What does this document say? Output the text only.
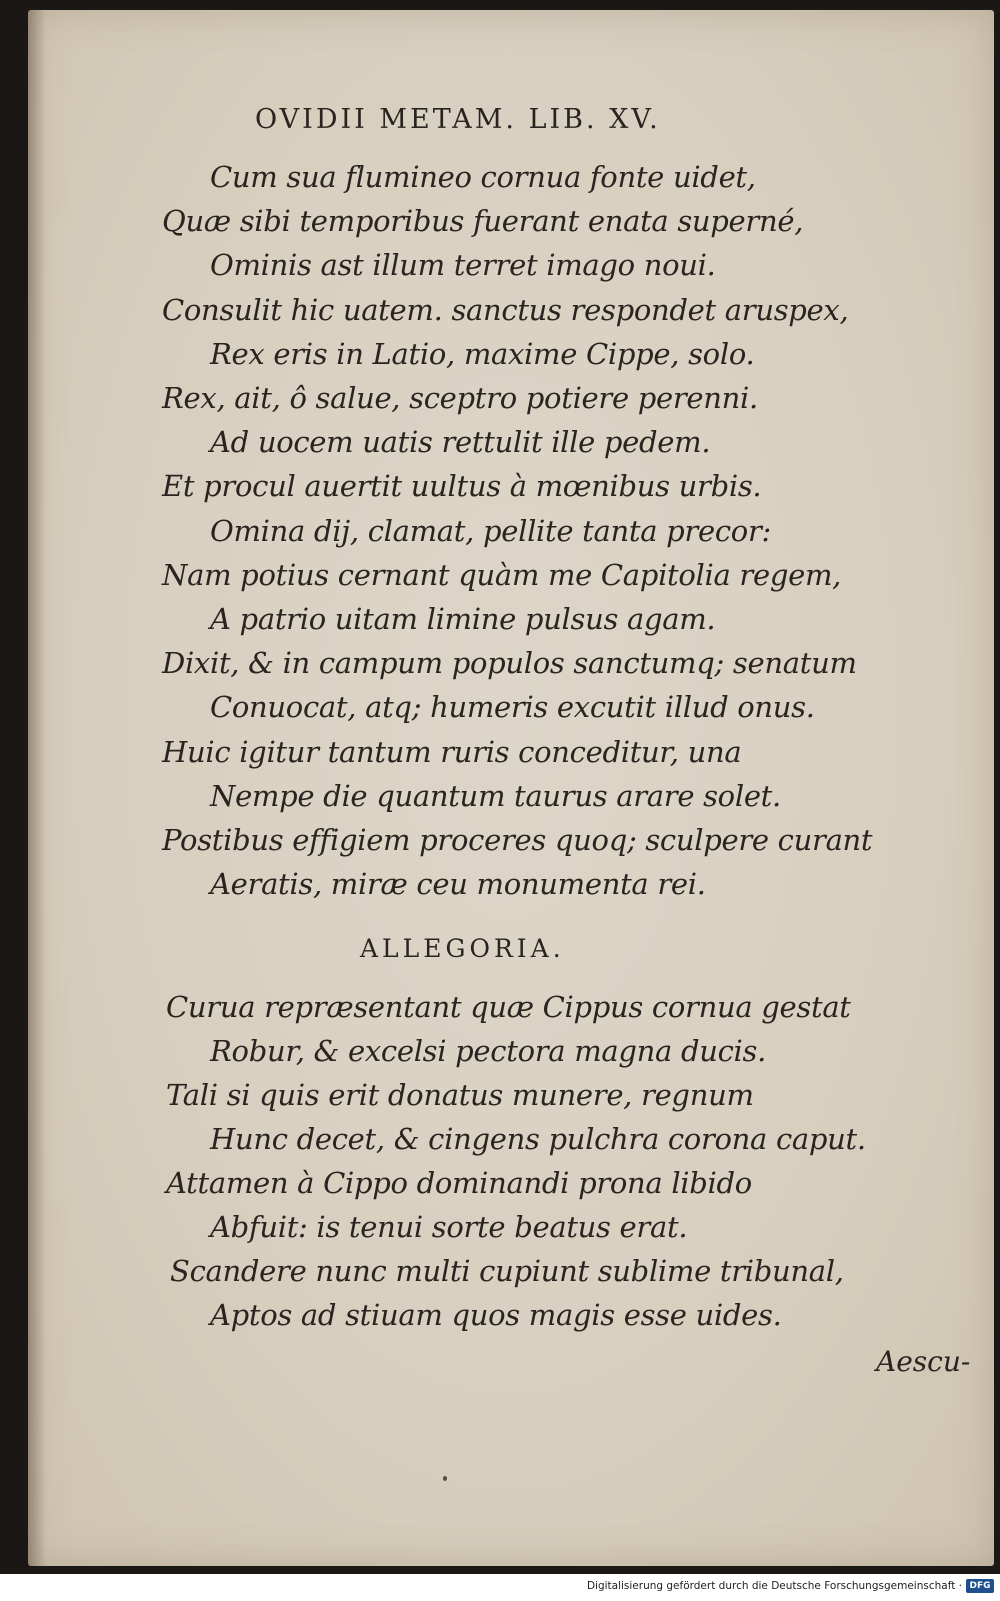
OVIDII METAM. LIB. XV.
Cum sua flumineo cornua fonte uidet,
Quæ sibi temporibus fuerant enata superné,
Ominis ast illum terret imago noui.
Consulit hic uatem. sanctus respondet aruspex,
Rex eris in Latio, maxime Cippe, solo.
Rex, ait, ô salue, sceptro potiere perenni.
Ad uocem uatis rettulit ille pedem.
Et procul auertit uultus à mœnibus urbis.
Omina dij, clamat, pellite tanta precor:
Nam potius cernant quàm me Capitolia regem,
A patrio uitam limine pulsus agam.
Dixit, & in campum populos sanctumq; senatum
Conuocat, atq; humeris excutit illud onus.
Huic igitur tantum ruris conceditur, una
Nempe die quantum taurus arare solet.
Postibus effigiem proceres quoq; sculpere curant
Aeratis, miræ ceu monumenta rei.
ALLEGORIA.
Curua repræsentant quæ Cippus cornua gestat
Robur, & excelsi pectora magna ducis.
Tali si quis erit donatus munere, regnum
Hunc decet, & cingens pulchra corona caput.
Attamen à Cippo dominandi prona libido
Abfuit: is tenui sorte beatus erat.
Scandere nunc multi cupiunt sublime tribunal,
Aptos ad stiuam quos magis esse uides.
Aescu-
Digitalisierung gefördert durch die Deutsche Forschungsgemeinschaft · DFG
